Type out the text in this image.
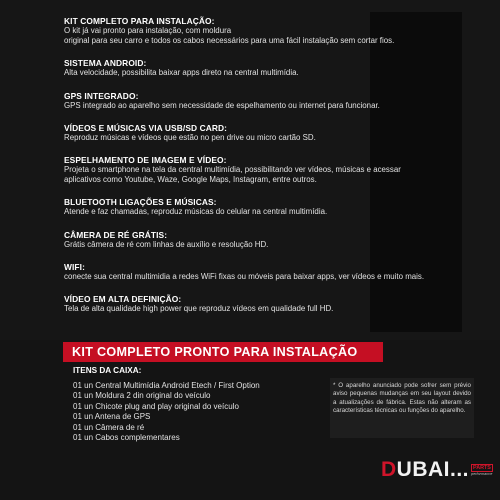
KIT COMPLETO PARA INSTALAÇÃO:
O kit já vai pronto para instalação, com moldura
original para seu carro e todos os cabos necessários para uma fácil instalação sem cortar fios.
SISTEMA ANDROID:
Alta velocidade, possibilita baixar apps direto na central multimídia.
GPS INTEGRADO:
GPS integrado ao aparelho sem necessidade de espelhamento ou internet para funcionar.
VÍDEOS E MÚSICAS VIA USB/SD CARD:
Reproduz músicas e vídeos que estão no pen drive ou micro cartão SD.
ESPELHAMENTO DE IMAGEM E VÍDEO:
Projeta o smartphone na tela da central multimídia, possibilitando ver vídeos, músicas e acessar
aplicativos como Youtube, Waze, Google Maps, Instagram, entre outros.
BLUETOOTH LIGAÇÕES E MÚSICAS:
Atende e faz chamadas, reproduz músicas do celular na central multimídia.
CÂMERA DE RÉ GRÁTIS:
Grátis câmera de ré com linhas de auxílio e resolução HD.
WIFI:
conecte sua central multimidia a redes WiFi fixas ou móveis para baixar apps, ver vídeos e muito mais.
VÍDEO EM ALTA DEFINIÇÃO:
Tela de alta qualidade high power que reproduz vídeos em qualidade full HD.
KIT COMPLETO PRONTO PARA INSTALAÇÃO
ITENS DA CAIXA:
01 un Central Multimídia Android Etech / First Option
01 un Moldura 2 din original do veículo
01 un Chicote plug and play original do veículo
01 un Antena de GPS
01 un Câmera de ré
01 un Cabos complementares
* O aparelho anunciado pode sofrer sem prévio aviso pequenas mudanças em seu layout devido a atualizações de fábrica. Estas não alteram as características técnicas ou funções do aparelho.
DUBAI... PARTS
performance
